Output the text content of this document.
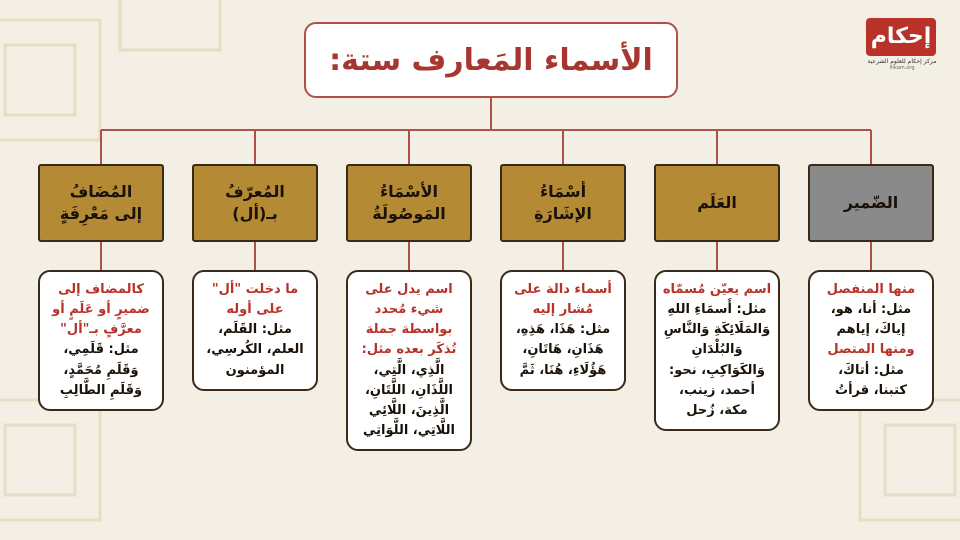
الأسماء المَعارف ستة:
إحكام
مركز إحكام للعلوم الشرعية
ihkam.org
الضّمير
العَلَم
أسْمَاءُ
الإشَارَةِ
الأسْمَاءُ
المَوصُولَةُ
المُعرّفُ
بـ(أل)
المُضَافُ
إلى مَعْرِفَةٍ

منها المنفصل

مثل: أنا، هو،

إياكَ، إياهم

ومنها المتصل

مثل: أتاكَ،

كتبنا، قرأتُ

اسم يعيّن مُسمّاه

مثل: أَسمَاءِ اللهِ

وَالمَلَائِكَةِ وَالنَّاسِ

وَالبُلْدَانِ

وَالكَوَاكِبِ، نحو:

أحمد، زينب،

مكة، زُحل

أسماء دالة على

مُشار إليه

مثل: هَذَا، هَذِهِ،

هَذَانِ، هَاتَانِ،

هَؤُلَاءِ، هُنَا، ثَمَّ

اسم يدل على

شيء مُحدد

بواسطة جملة

تُذكَر بعده مثل:

الَّذِي، الَّتِي،

اللَّذَانِ، اللَّتَانِ،

الَّذِينَ، اللَّائِي

اللَّاتِي، اللَّوَاتِي

ما دخلت "أل"

على أوله

مثل: القَلَم،

العلم، الكُرسِي،

المؤمنون

كالمضاف إلى

ضميرٍ أو عَلَمٍ أو

معرَّفٍ بـ"أل"

مثل: قَلَمِي،

وَقَلَمِ مُحَمَّدٍ،

وَقَلَمِ الطَّالِبِ
